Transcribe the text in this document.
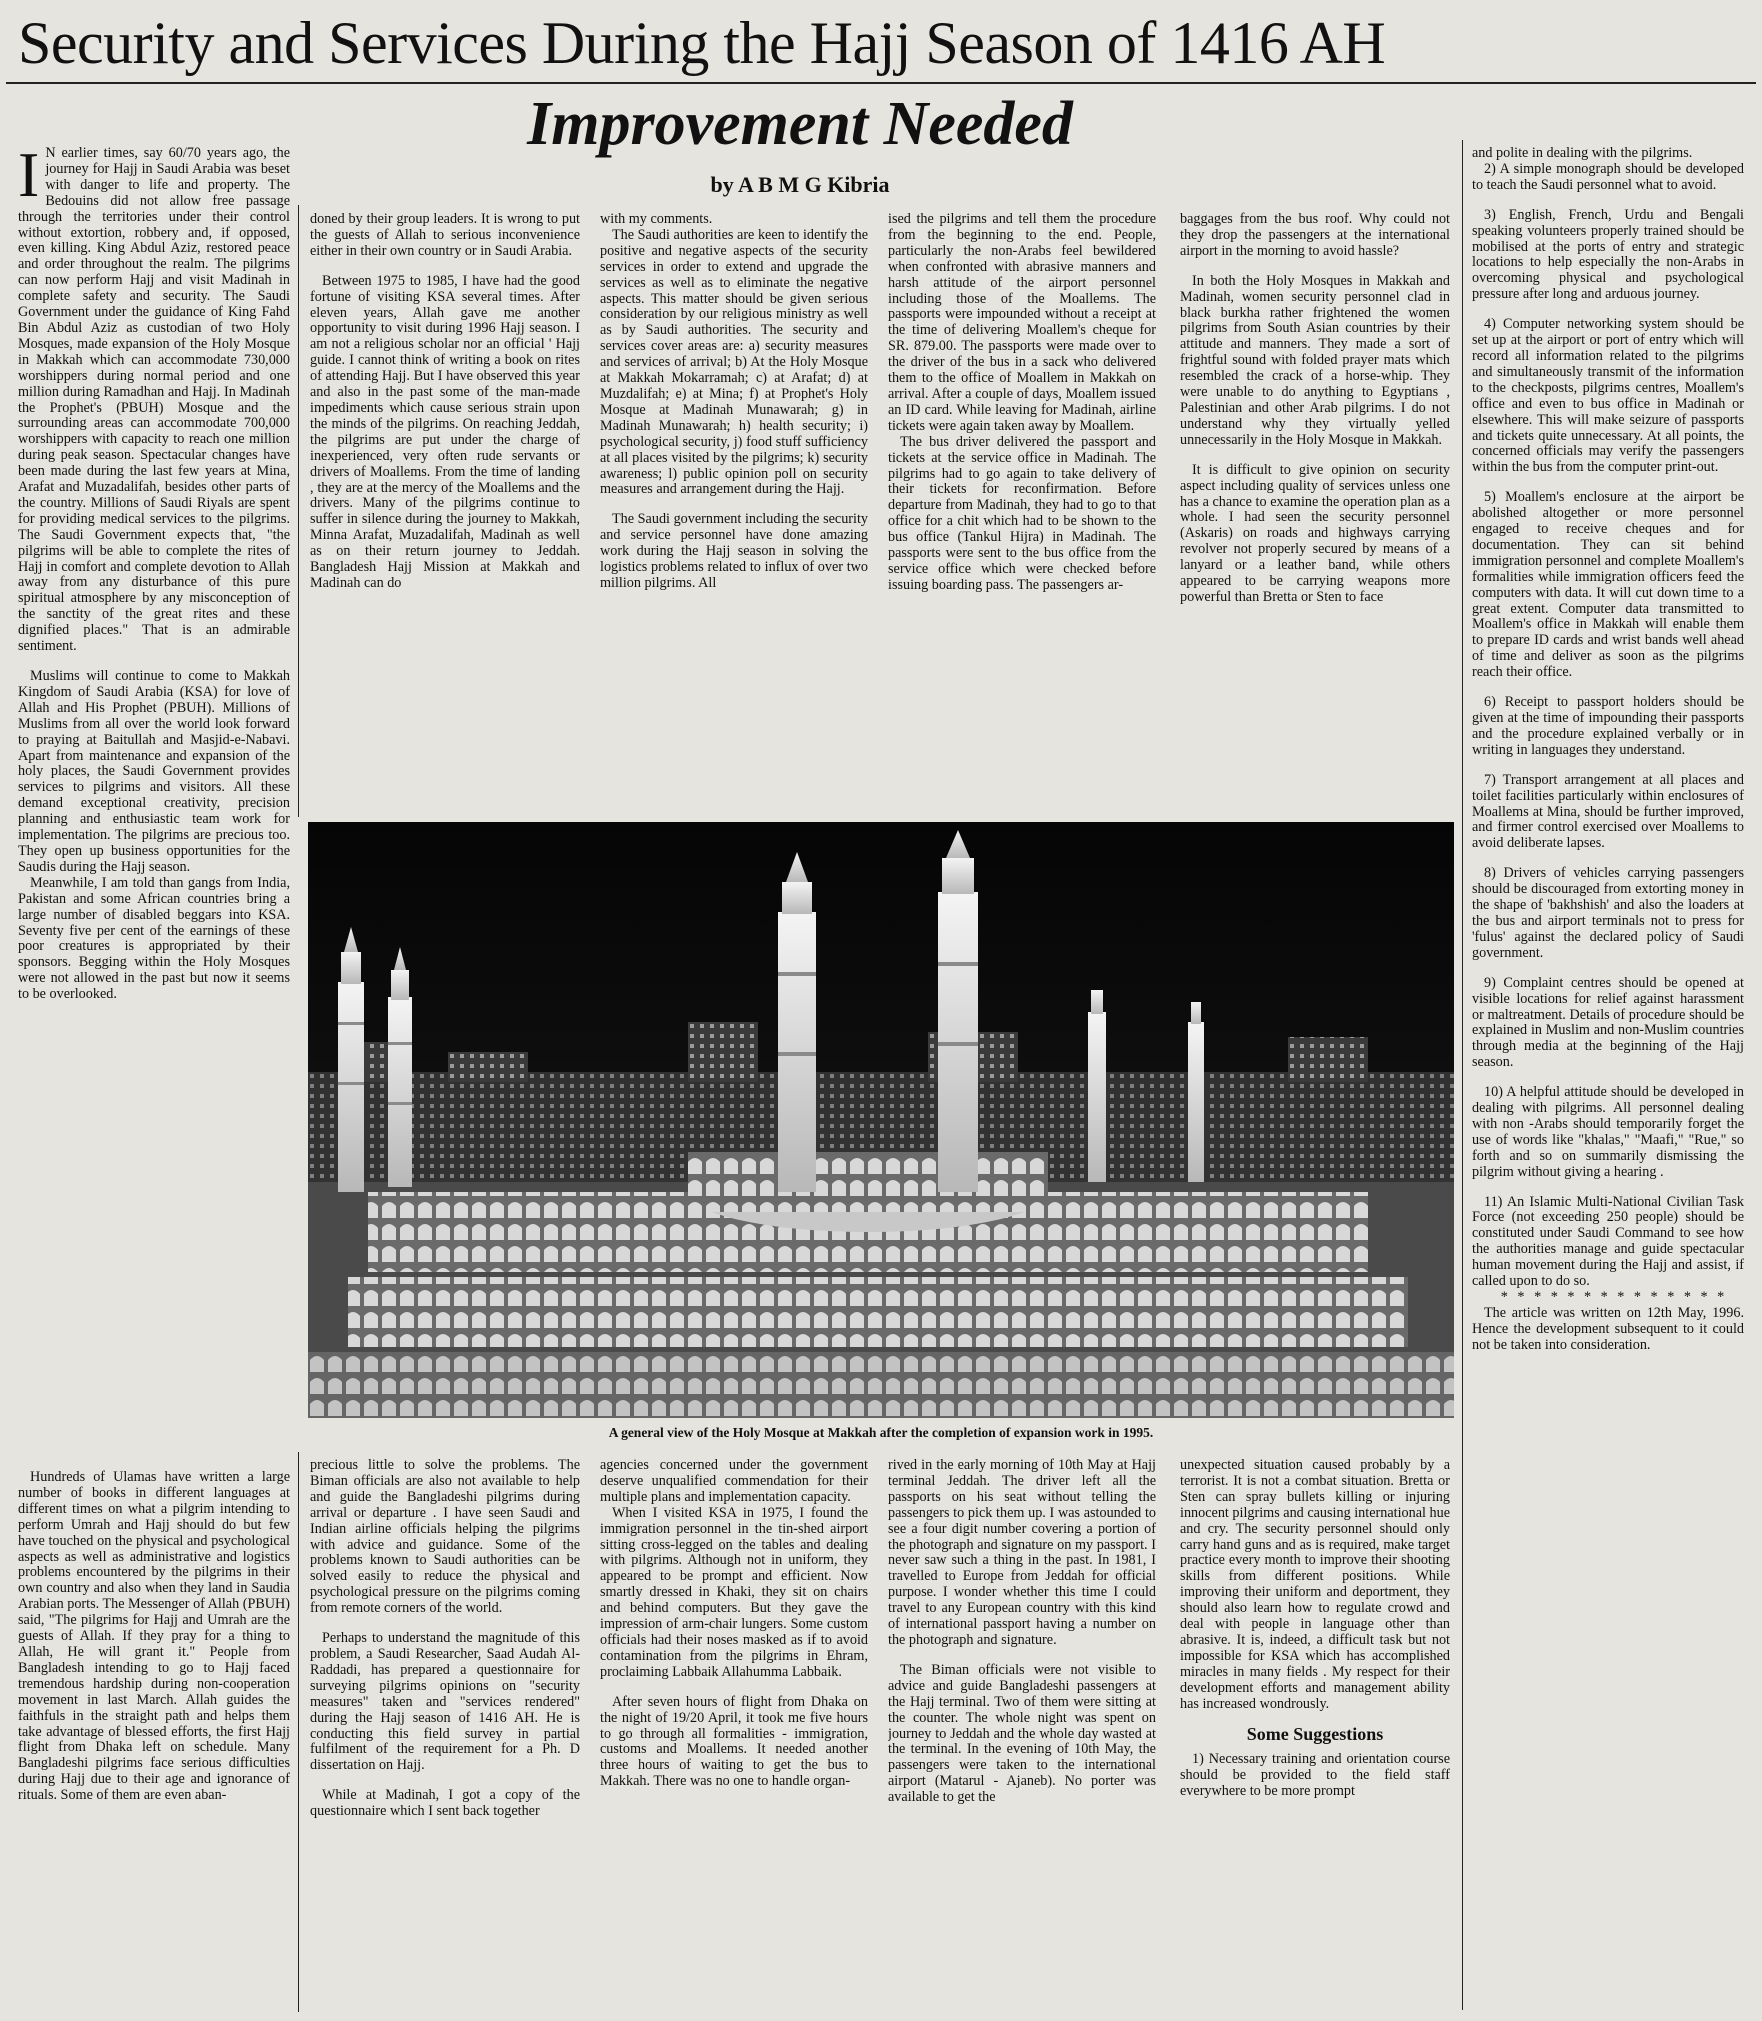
Security and Services During the Hajj Season of 1416 AH
Improvement Needed
by A B M G Kibria

I N earlier times, say 60/70 years ago, the journey for Hajj in Saudi Arabia was beset with danger to life and property. The Bedouins did not allow free passage through the territories under their control without extortion, robbery and, if opposed, even killing. King Abdul Aziz, restored peace and order throughout the realm. The pilgrims can now perform Hajj and visit Madinah in complete safety and security. The Saudi Government under the guidance of King Fahd Bin Abdul Aziz as custodian of two Holy Mosques, made expansion of the Holy Mosque in Makkah which can accommodate 730,000 worshippers during normal period and one million during Ramadhan and Hajj. In Madinah the Prophet's (PBUH) Mosque and the surrounding areas can accommodate 700,000 worshippers with capacity to reach one million during peak season. Spectacular changes have been made during the last few years at Mina, Arafat and Muzadalifah, besides other parts of the country. Millions of Saudi Riyals are spent for providing medical services to the pilgrims. The Saudi Government expects that, "the pilgrims will be able to complete the rites of Hajj in comfort and complete devotion to Allah away from any disturbance of this pure spiritual atmosphere by any misconception of the sanctity of the great rites and these dignified places." That is an admirable sentiment.

Muslims will continue to come to Makkah Kingdom of Saudi Arabia (KSA) for love of Allah and His Prophet (PBUH). Millions of Muslims from all over the world look forward to praying at Baitullah and Masjid-e-Nabavi. Apart from maintenance and expansion of the holy places, the Saudi Government provides services to pilgrims and visitors. All these demand exceptional creativity, precision planning and enthusiastic team work for implementation. The pilgrims are precious too. They open up business opportunities for the Saudis during the Hajj season.

Meanwhile, I am told than gangs from India, Pakistan and some African countries bring a large number of disabled beggars into KSA. Seventy five per cent of the earnings of these poor creatures is appropriated by their sponsors. Begging within the Holy Mosques were not allowed in the past but now it seems to be overlooked.

Hundreds of Ulamas have written a large number of books in different languages at different times on what a pilgrim intending to perform Umrah and Hajj should do but few have touched on the physical and psychological aspects as well as administrative and logistics problems encountered by the pilgrims in their own country and also when they land in Saudia Arabian ports. The Messenger of Allah (PBUH) said, "The pilgrims for Hajj and Umrah are the guests of Allah. If they pray for a thing to Allah, He will grant it." People from Bangladesh intending to go to Hajj faced tremendous hardship during non-cooperation movement in last March. Allah guides the faithfuls in the straight path and helps them take advantage of blessed efforts, the first Hajj flight from Dhaka left on schedule. Many Bangladeshi pilgrims face serious difficulties during Hajj due to their age and ignorance of rituals. Some of them are even aban-

doned by their group leaders. It is wrong to put the guests of Allah to serious inconvenience either in their own country or in Saudi Arabia.

Between 1975 to 1985, I have had the good fortune of visiting KSA several times. After eleven years, Allah gave me another opportunity to visit during 1996 Hajj season. I am not a religious scholar nor an official ' Hajj guide. I cannot think of writing a book on rites of attending Hajj. But I have observed this year and also in the past some of the man-made impediments which cause serious strain upon the minds of the pilgrims. On reaching Jeddah, the pilgrims are put under the charge of inexperienced, very often rude servants or drivers of Moallems. From the time of landing , they are at the mercy of the Moallems and the drivers. Many of the pilgrims continue to suffer in silence during the journey to Makkah, Minna Arafat, Muzadalifah, Madinah as well as on their return journey to Jeddah. Bangladesh Hajj Mission at Makkah and Madinah can do

with my comments.

The Saudi authorities are keen to identify the positive and negative aspects of the security services in order to extend and upgrade the services as well as to eliminate the negative aspects. This matter should be given serious consideration by our religious ministry as well as by Saudi authorities. The security and services cover areas are: a) security measures and services of arrival; b) At the Holy Mosque at Makkah Mokarramah; c) at Arafat; d) at Muzdalifah; e) at Mina; f) at Prophet's Holy Mosque at Madinah Munawarah; g) in Madinah Munawarah; h) health security; i) psychological security, j) food stuff sufficiency at all places visited by the pilgrims; k) security awareness; l) public opinion poll on security measures and arrangement during the Hajj.

The Saudi government including the security and service personnel have done amazing work during the Hajj season in solving the logistics problems related to influx of over two million pilgrims. All

ised the pilgrims and tell them the procedure from the beginning to the end. People, particularly the non-Arabs feel bewildered when confronted with abrasive manners and harsh attitude of the airport personnel including those of the Moallems. The passports were impounded without a receipt at the time of delivering Moallem's cheque for SR. 879.00. The passports were made over to the driver of the bus in a sack who delivered them to the office of Moallem in Makkah on arrival. After a couple of days, Moallem issued an ID card. While leaving for Madinah, airline tickets were again taken away by Moallem.

The bus driver delivered the passport and tickets at the service office in Madinah. The pilgrims had to go again to take delivery of their tickets for reconfirmation. Before departure from Madinah, they had to go to that office for a chit which had to be shown to the bus office (Tankul Hijra) in Madinah. The passports were sent to the bus office from the service office which were checked before issuing boarding pass. The passengers ar-

baggages from the bus roof. Why could not they drop the passengers at the international airport in the morning to avoid hassle?

In both the Holy Mosques in Makkah and Madinah, women security personnel clad in black burkha rather frightened the women pilgrims from South Asian countries by their attitude and manners. They made a sort of frightful sound with folded prayer mats which resembled the crack of a horse-whip. They were unable to do anything to Egyptians , Palestinian and other Arab pilgrims. I do not understand why they virtually yelled unnecessarily in the Holy Mosque in Makkah.

It is difficult to give opinion on security aspect including quality of services unless one has a chance to examine the operation plan as a whole. I had seen the security personnel (Askaris) on roads and highways carrying revolver not properly secured by means of a lanyard or a leather band, while others appeared to be carrying weapons more powerful than Bretta or Sten to face

A general view of the Holy Mosque at Makkah after the completion of expansion work in 1995.

precious little to solve the problems. The Biman officials are also not available to help and guide the Bangladeshi pilgrims during arrival or departure . I have seen Saudi and Indian airline officials helping the pilgrims with advice and guidance. Some of the problems known to Saudi authorities can be solved easily to reduce the physical and psychological pressure on the pilgrims coming from remote corners of the world.

Perhaps to understand the magnitude of this problem, a Saudi Researcher, Saad Audah Al-Raddadi, has prepared a questionnaire for surveying pilgrims opinions on "security measures" taken and "services rendered" during the Hajj season of 1416 AH. He is conducting this field survey in partial fulfilment of the requirement for a Ph. D dissertation on Hajj.

While at Madinah, I got a copy of the questionnaire which I sent back together

agencies concerned under the government deserve unqualified commendation for their multiple plans and implementation capacity.

When I visited KSA in 1975, I found the immigration personnel in the tin-shed airport sitting cross-legged on the tables and dealing with pilgrims. Although not in uniform, they appeared to be prompt and efficient. Now smartly dressed in Khaki, they sit on chairs and behind computers. But they gave the impression of arm-chair lungers. Some custom officials had their noses masked as if to avoid contamination from the pilgrims in Ehram, proclaiming Labbaik Allahumma Labbaik.

After seven hours of flight from Dhaka on the night of 19/20 April, it took me five hours to go through all formalities - immigration, customs and Moallems. It needed another three hours of waiting to get the bus to Makkah. There was no one to handle organ-

rived in the early morning of 10th May at Hajj terminal Jeddah. The driver left all the passports on his seat without telling the passengers to pick them up. I was astounded to see a four digit number covering a portion of the photograph and signature on my passport. I never saw such a thing in the past. In 1981, I travelled to Europe from Jeddah for official purpose. I wonder whether this time I could travel to any European country with this kind of international passport having a number on the photograph and signature.

The Biman officials were not visible to advice and guide Bangladeshi passengers at the Hajj terminal. Two of them were sitting at the counter. The whole night was spent on journey to Jeddah and the whole day wasted at the terminal. In the evening of 10th May, the passengers were taken to the international airport (Matarul - Ajaneb). No porter was available to get the

unexpected situation caused probably by a terrorist. It is not a combat situation. Bretta or Sten can spray bullets killing or injuring innocent pilgrims and causing international hue and cry. The security personnel should only carry hand guns and as is required, make target practice every month to improve their shooting skills from different positions. While improving their uniform and deportment, they should also learn how to regulate crowd and deal with people in language other than abrasive. It is, indeed, a difficult task but not impossible for KSA which has accomplished miracles in many fields . My respect for their development efforts and management ability has increased wondrously.

Some Suggestions

1) Necessary training and orientation course should be provided to the field staff everywhere to be more prompt

and polite in dealing with the pilgrims.

2) A simple monograph should be developed to teach the Saudi personnel what to avoid.

3) English, French, Urdu and Bengali speaking volunteers properly trained should be mobilised at the ports of entry and strategic locations to help especially the non-Arabs in overcoming physical and psychological pressure after long and arduous journey.

4) Computer networking system should be set up at the airport or port of entry which will record all information related to the pilgrims and simultaneously transmit of the information to the checkposts, pilgrims centres, Moallem's office and even to bus office in Madinah or elsewhere. This will make seizure of passports and tickets quite unnecessary. At all points, the concerned officials may verify the passengers within the bus from the computer print-out.

5) Moallem's enclosure at the airport be abolished altogether or more personnel engaged to receive cheques and for documentation. They can sit behind immigration personnel and complete Moallem's formalities while immigration officers feed the computers with data. It will cut down time to a great extent. Computer data transmitted to Moallem's office in Makkah will enable them to prepare ID cards and wrist bands well ahead of time and deliver as soon as the pilgrims reach their office.

6) Receipt to passport holders should be given at the time of impounding their passports and the procedure explained verbally or in writing in languages they understand.

7) Transport arrangement at all places and toilet facilities particularly within enclosures of Moallems at Mina, should be further improved, and firmer control exercised over Moallems to avoid deliberate lapses.

8) Drivers of vehicles carrying passengers should be discouraged from extorting money in the shape of 'bakhshish' and also the loaders at the bus and airport terminals not to press for 'fulus' against the declared policy of Saudi government.

9) Complaint centres should be opened at visible locations for relief against harassment or maltreatment. Details of procedure should be explained in Muslim and non-Muslim countries through media at the beginning of the Hajj season.

10) A helpful attitude should be developed in dealing with pilgrims. All personnel dealing with non -Arabs should temporarily forget the use of words like "khalas," "Maafi," "Rue," so forth and so on summarily dismissing the pilgrim without giving a hearing .

11) An Islamic Multi-National Civilian Task Force (not exceeding 250 people) should be constituted under Saudi Command to see how the authorities manage and guide spectacular human movement during the Hajj and assist, if called upon to do so.

* * * * * * * * * * * * * *

The article was written on 12th May, 1996. Hence the development subsequent to it could not be taken into consideration.
